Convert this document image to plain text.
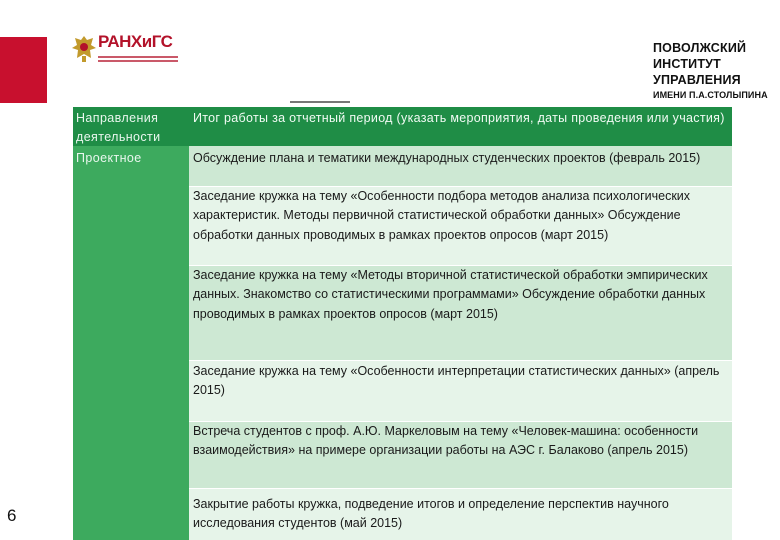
РАНХиГС	ПОВОЛЖСКИЙ
ИНСТИТУТ
УПРАВЛЕНИЯ
ИМЕНИ П.А.СТОЛЫПИНА
Направления деятельности
Проектное
Итог работы за отчетный период (указать мероприятия, даты проведения или участия)
Обсуждение плана и тематики международных студенческих проектов (февраль 2015)
Заседание кружка на тему «Особенности подбора методов анализа психологических характеристик. Методы первичной статистической обработки данных» Обсуждение обработки данных проводимых в рамках проектов опросов (март 2015)
Заседание кружка на тему «Методы вторичной статистической обработки эмпирических данных. Знакомство со статистическими программами» Обсуждение обработки данных проводимых в рамках проектов опросов (март 2015)
Заседание кружка на тему «Особенности интерпретации статистических данных» (апрель 2015)
Встреча студентов с проф. А.Ю. Маркеловым на тему «Человек-машина: особенности взаимодействия» на примере организации работы на АЭС г. Балаково (апрель 2015)
Закрытие работы кружка, подведение итогов и определение перспектив научного исследования студентов (май 2015)
6
